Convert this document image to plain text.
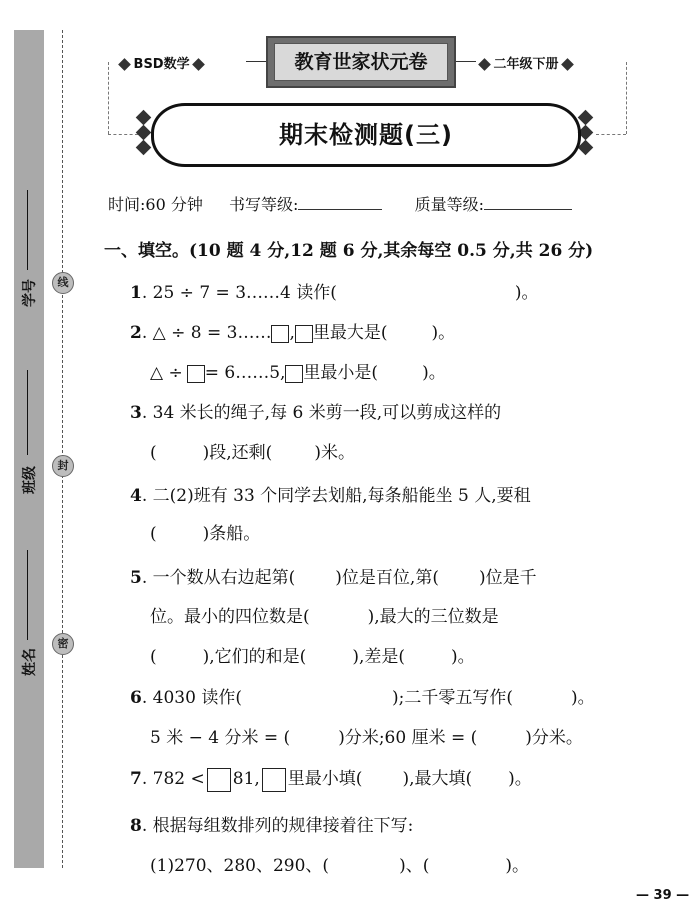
学号
班级
姓名
线
封
密
BSD数学	教育世家状元卷	二年级下册
期末检测题(三)
时间:60 分钟 书写等级:	质量等级:
一、填空。(10 题 4 分,12 题 6 分,其余每空 0.5 分,共 26 分)
1. 25 ÷ 7 = 3……4 读作(	)。
2. △ ÷ 8 = 3…… , 里最大是(	)。
△ ÷ = 6……5, 里最小是(	)。
3. 34 米长的绳子,每 6 米剪一段,可以剪成这样的
(	)段,还剩( )米。
4. 二(2)班有 33 个同学去划船,每条船能坐 5 人,要租
(	)条船。
5. 一个数从右边起第( )位是百位,第( )位是千
位。最小的四位数是(	),最大的三位数是
(	),它们的和是(	),差是(	)。
6. 4030 读作(	);二千零五写作(	)。
5 米 − 4 分米 = (	)分米;60 厘米 = (	)分米。
7. 782 < 81, 里最小填( ),最大填( )。
8. 根据每组数排列的规律接着往下写:
(1)270、280、290、(	)、(	)。
— 39 —
